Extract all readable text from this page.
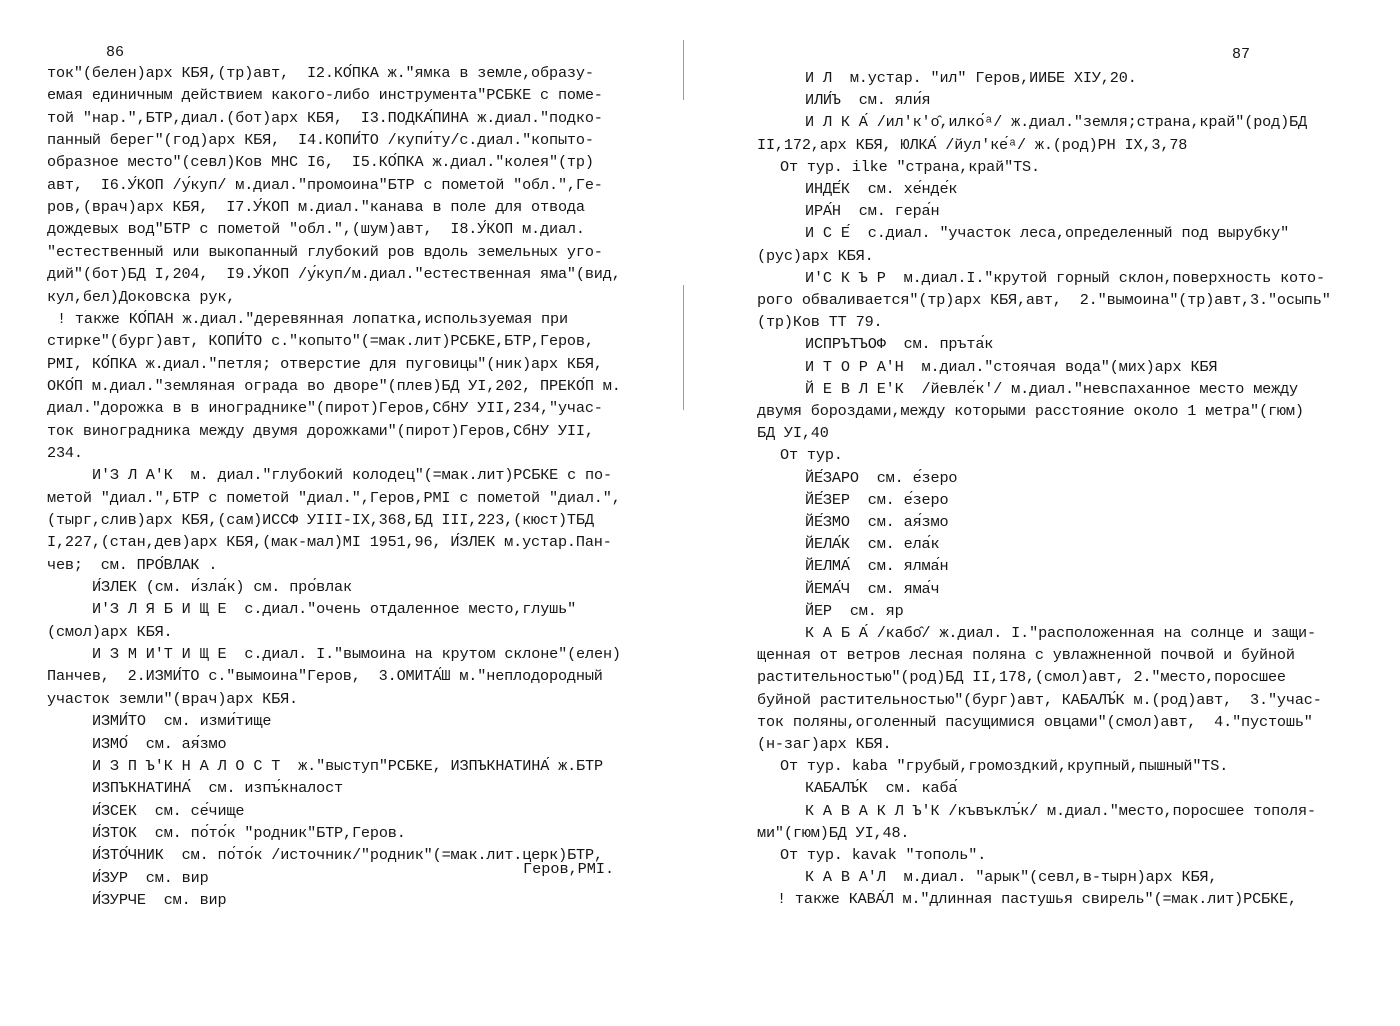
86
ток"(белен)арх КБЯ,(тр)авт,  I2.КО́ПКА ж."ямка в земле,образу-
емая единичным действием какого-либо инструмента"РСБКЕ с поме-
той "нар.",БТР,диал.(бот)арх КБЯ,  I3.ПОДКА́ПИНА ж.диал."подко-
панный берег"(год)арх КБЯ,  I4.КОПИ́ТО /купи́ту/с.диал."копыто-
образное место"(севл)Ков МНС I6,  I5.КО́ПКА ж.диал."колея"(тр)
авт,  I6.У́КОП /у́куп/ м.диал."промоина"БТР с пометой "обл.",Ге-
ров,(врач)арх КБЯ,  I7.У́КОП м.диал."канава в поле для отвода
дождевых вод"БТР с пометой "обл.",(шум)авт,  I8.У́КОП м.диал.
"естественный или выкопанный глубокий ров вдоль земельных уго-
дий"(бот)БД I,204,  I9.У́КОП /у́куп/м.диал."естественная яма"(вид,
кул,бел)Доковска рук,
! также КО́ПАН ж.диал."деревянная лопатка,используемая при
стирке"(бург)авт, КОПИ́ТО с."копыто"(=мак.лит)РСБКЕ,БТР,Геров,
РМI, КО́ПКА ж.диал."петля; отверстие для пуговицы"(ник)арх КБЯ,
ОКО́П м.диал."земляная ограда во дворе"(плев)БД УI,202, ПРЕКО́П м.
диал."дорожка в в инограднике"(пирот)Геров,СбНУ УII,234,"учас-
ток виноградника между двумя дорожками"(пирот)Геров,СбНУ УII,
234.
И'З Л А'К  м. диал."глубокий колодец"(=мак.лит)РСБКЕ с по-
метой "диал.",БТР с пометой "диал.",Геров,РМI с пометой "диал.",
(тырг,слив)арх КБЯ,(сам)ИССФ УIII-IX,368,БД III,223,(кюст)ТБД
I,227,(стан,дев)арх КБЯ,(мак-мал)МI 1951,96, И́ЗЛЕК м.устар.Пан-
чев;  см. ПРО́ВЛАК .
И́ЗЛЕК (см. и́зла́к) см. про́влак
И'З Л Я Б И Щ Е  с.диал."очень отдаленное место,глушь"
(смол)арх КБЯ.
И З М И'Т И Щ Е  с.диал. I."вымоина на крутом склоне"(елен)
Панчев,  2.ИЗМИ́ТО с."вымоина"Геров,  3.ОМИТА́Ш м."неплодородный
участок земли"(врач)арх КБЯ.
ИЗМИ́ТО  см. изми́тище
ИЗМО́  см. ая́змо
И З П Ъ'К Н А Л О С Т  ж."выступ"РСБКЕ, ИЗПЪКНАТИНА́ ж.БТР
ИЗПЪКНАТИНА́  см. изпъ́кналост
И́ЗСЕК  см. се́чище
И́ЗТОК  см. по́то́к "родник"БТР,Геров.
И́ЗТО́ЧНИК  см. по́то́к /источник/"родник"(=мак.лит.церк)БТР,
И́ЗУР  см. вир
И́ЗУРЧЕ  см. вир
Геров,РМI.
87
И Л  м.устар. "ил" Геров,ИИБЕ XIУ,20.
ИЛИ́Ъ  см. яли́я
И Л К А́ /ил'к'о̂,илко́ᵃ/ ж.диал."земля;страна,край"(род)БД
II,172,арх КБЯ, ЮЛКА́ /йул'ке́ᵃ/ ж.(род)PH IX,3,78
От тур. ilke "страна,край"TS.
ИНДЕ́К  см. хе́нде́к
ИРА́Н  см. гера́н
И С Е́  с.диал. "участок леса,определенный под вырубку"
(рус)арх КБЯ.
И'С К Ъ Р  м.диал.I."крутой горный склон,поверхность кото-
рого обваливается"(тр)арх КБЯ,авт,  2."вымоина"(тр)авт,3."осыпь"
(тр)Ков ТТ 79.
ИСПРЪТЪОФ  см. пръта́к
И Т О Р А'Н  м.диал."стоячая вода"(мих)арх КБЯ
Й Е В Л Е'К  /йевле́к'/ м.диал."невспаханное место между
двумя бороздами,между которыми расстояние около 1 метра"(гюм)
БД УI,40
От тур.
ЙЕ́ЗАРО  см. е́зеро
ЙЕ́ЗЕР  см. е́зеро
ЙЕ́ЗМО  см. ая́змо
ЙЕЛА́К  см. ела́к
ЙЕЛМА́  см. ялма́н
ЙЕМА́Ч  см. яма́ч
ЙЕР  см. яр
К А Б А́ /кабо̂/ ж.диал. I."расположенная на солнце и защи-
щенная от ветров лесная поляна с увлажненной почвой и буйной
растительностью"(род)БД II,178,(смол)авт, 2."место,поросшее
буйной растительностью"(бург)авт, КАБАЛЪ́К м.(род)авт,  3."учас-
ток поляны,оголенный пасущимися овцами"(смол)авт,  4."пустошь"
(н-заг)арх КБЯ.
От тур. kaba "грубый,громоздкий,крупный,пышный"TS.
КАБАЛЪ́К  см. каба́
К А В А К Л Ъ'К /къвъклъ́к/ м.диал."место,поросшее тополя-
ми"(гюм)БД УI,48.
От тур. kavak "тополь".
К А В А'Л  м.диал. "арык"(севл,в-тырн)арх КБЯ,
! также КАВА́Л м."длинная пастушья свирель"(=мак.лит)РСБКЕ,
